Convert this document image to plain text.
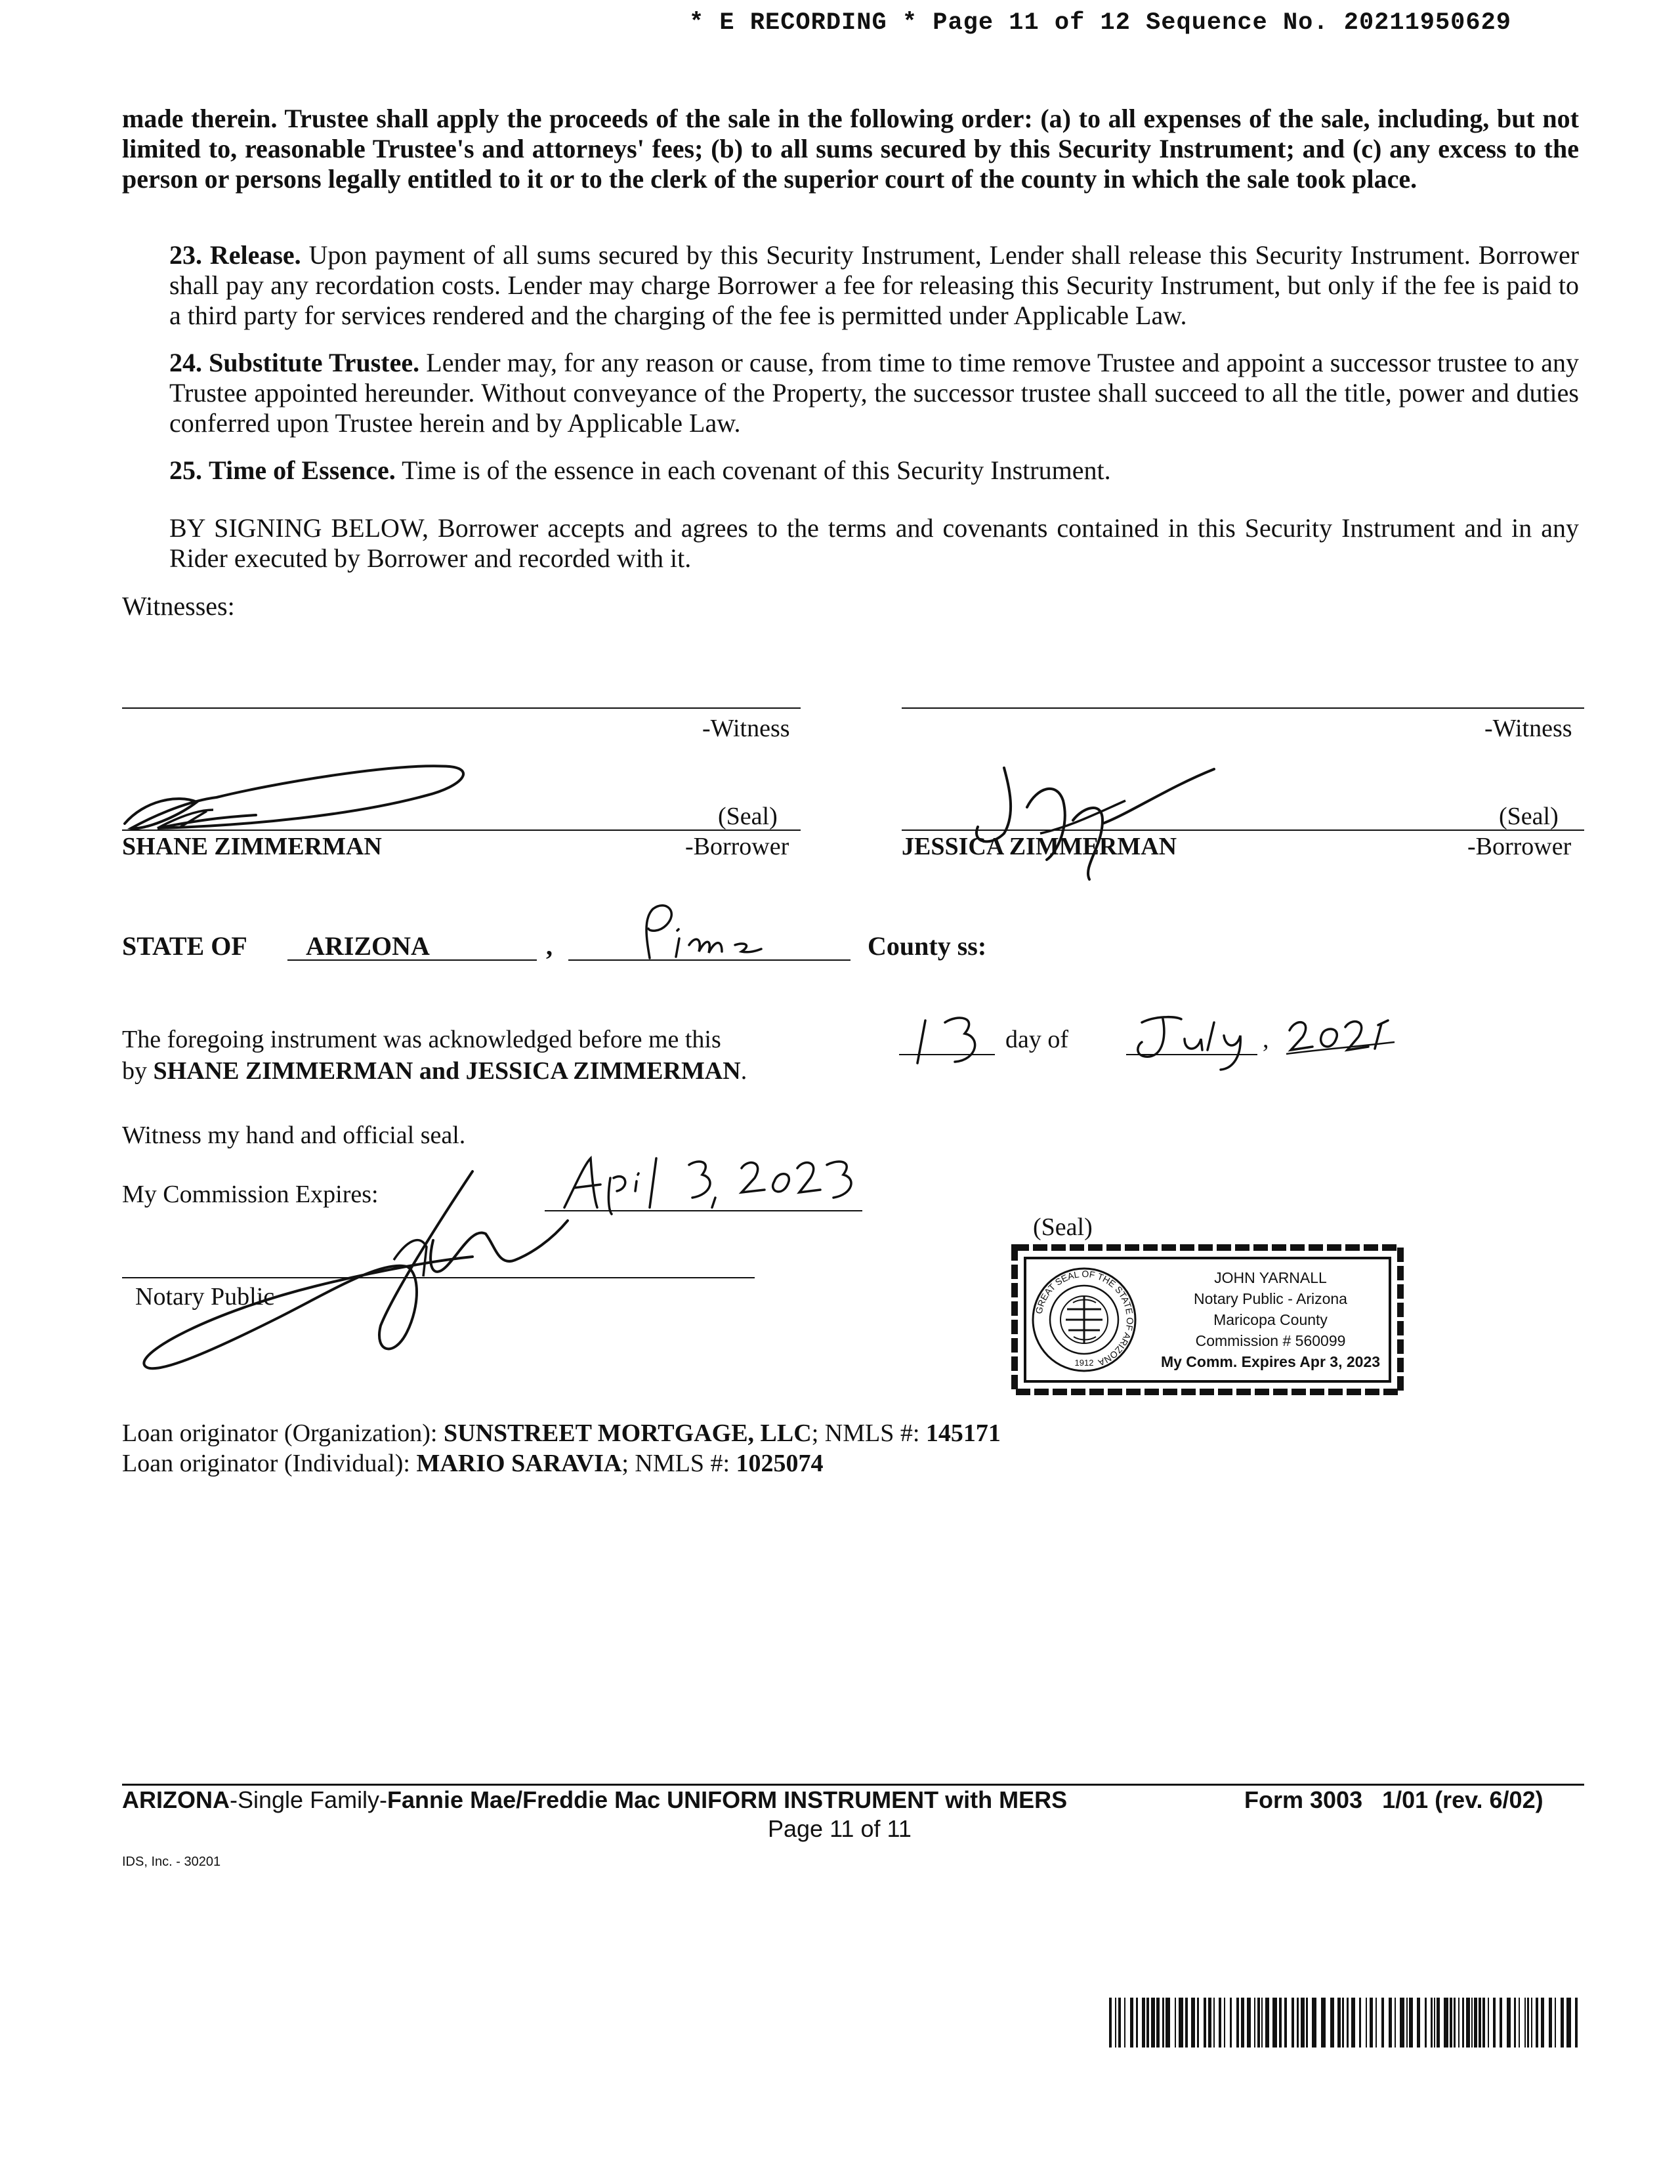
* E RECORDING * Page 11 of 12 Sequence No. 20211950629

made therein. Trustee shall apply the proceeds of the sale in the following order: (a) to all expenses of the sale, including, but not limited to, reasonable Trustee's and attorneys' fees; (b) to all sums secured by this Security Instrument; and (c) any excess to the person or persons legally entitled to it or to the clerk of the superior court of the county in which the sale took place.

23. Release. Upon payment of all sums secured by this Security Instrument, Lender shall release this Security Instrument. Borrower shall pay any recordation costs. Lender may charge Borrower a fee for releasing this Security Instrument, but only if the fee is paid to a third party for services rendered and the charging of the fee is permitted under Applicable Law.

24. Substitute Trustee. Lender may, for any reason or cause, from time to time remove Trustee and appoint a successor trustee to any Trustee appointed hereunder. Without conveyance of the Property, the successor trustee shall succeed to all the title, power and duties conferred upon Trustee herein and by Applicable Law.

25. Time of Essence. Time is of the essence in each covenant of this Security Instrument.

BY SIGNING BELOW, Borrower accepts and agrees to the terms and covenants contained in this Security Instrument and in any Rider executed by Borrower and recorded with it.

Witnesses:
-Witness	-Witness
(Seal)
SHANE ZIMMERMAN	-Borrower
(Seal)
JESSICA ZIMMERMAN	-Borrower
STATE OF ARIZONA	,	County ss:
The foregoing instrument was acknowledged before me this
by SHANE ZIMMERMAN and JESSICA ZIMMERMAN.
day of	,
Witness my hand and official seal.
My Commission Expires:
Notary Public
(Seal)
GREAT SEAL OF THE STATE OF ARIZONA
1912
JOHN YARNALL
Notary Public - Arizona
Maricopa County
Commission # 560099
My Comm. Expires Apr 3, 2023
Loan originator (Organization): SUNSTREET MORTGAGE, LLC; NMLS #: 145171
Loan originator (Individual): MARIO SARAVIA; NMLS #: 1025074
ARIZONA-Single Family-Fannie Mae/Freddie Mac UNIFORM INSTRUMENT with MERS	Form 3003   1/01 (rev. 6/02)
Page 11 of 11
IDS, Inc. - 30201
